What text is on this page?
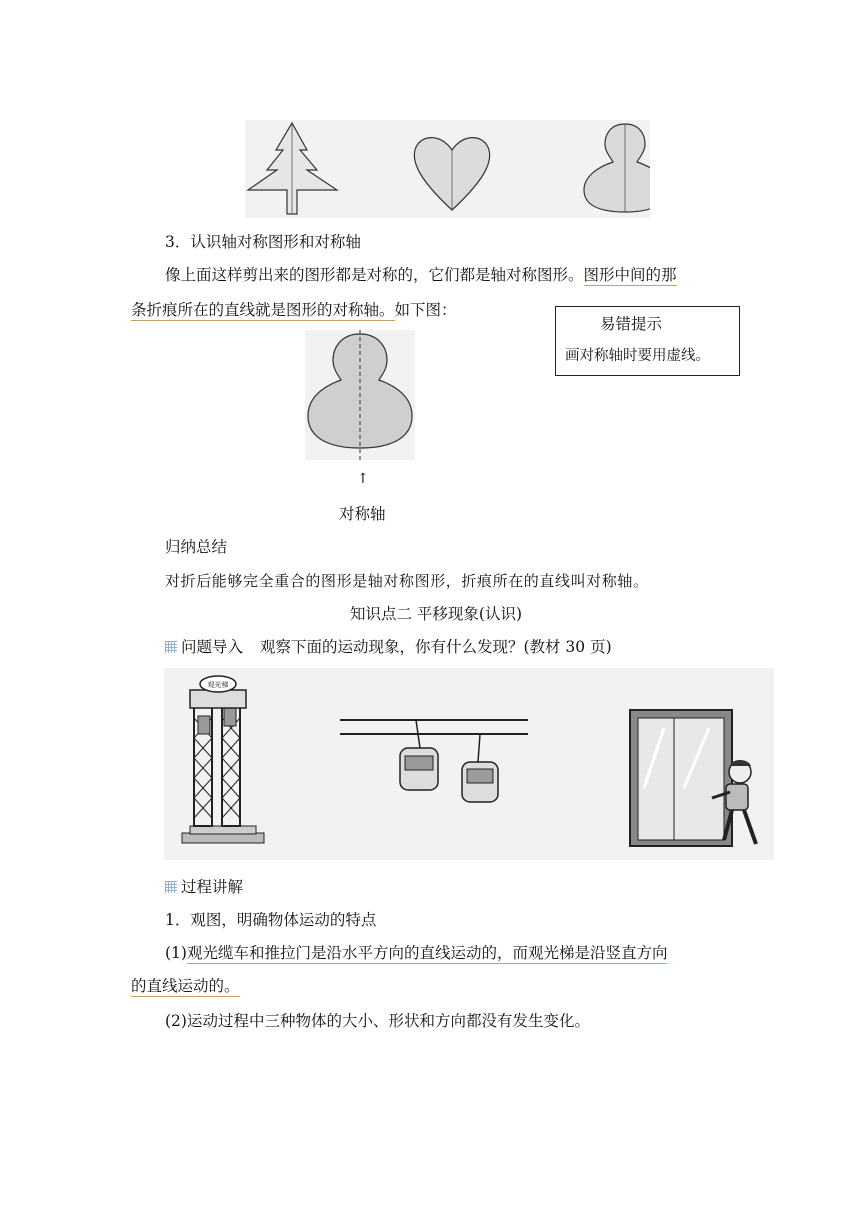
3．认识轴对称图形和对称轴
像上面这样剪出来的图形都是对称的，它们都是轴对称图形。图形中间的那
条折痕所在的直线就是图形的对称轴。如下图：
易错提示
画对称轴时要用虚线。
↑
对称轴
归纳总结
对折后能够完全重合的图形是轴对称图形，折痕所在的直线叫对称轴。
知识点二 平移现象(认识)
问题导入 观察下面的运动现象，你有什么发现？(教材 30 页)
观光梯
过程讲解
1．观图，明确物体运动的特点
(1)观光缆车和推拉门是沿水平方向的直线运动的，而观光梯是沿竖直方向
的直线运动的。
(2)运动过程中三种物体的大小、形状和方向都没有发生变化。
